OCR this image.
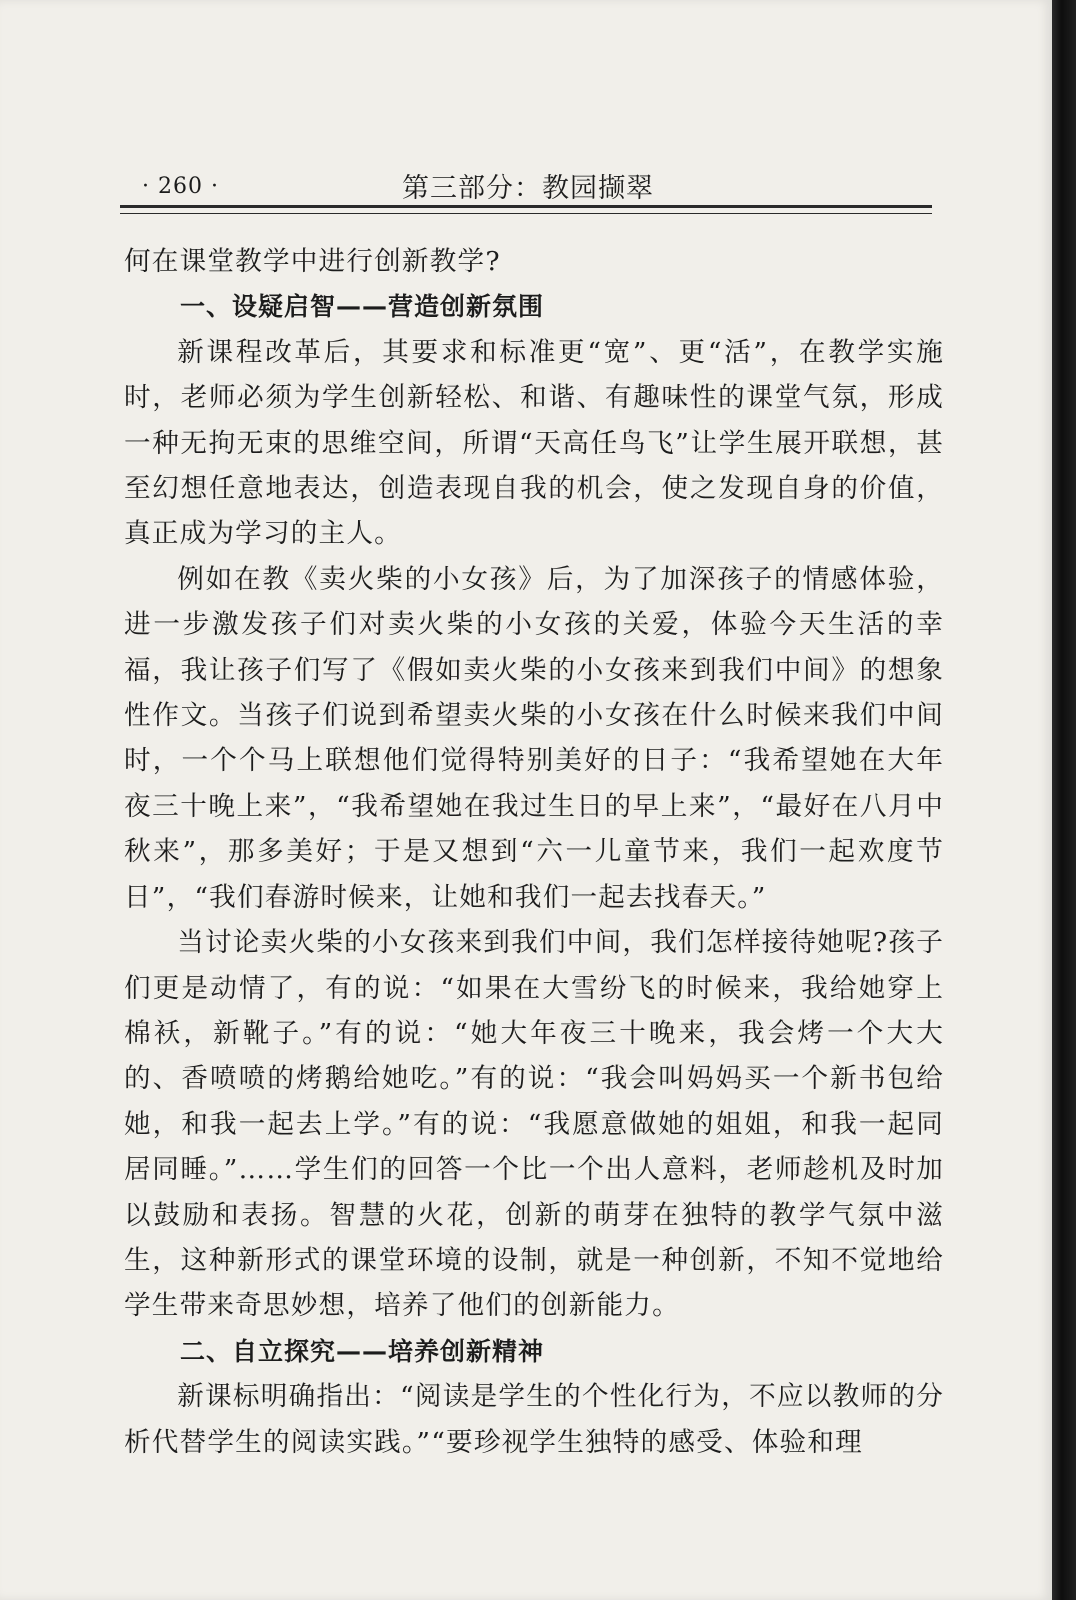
· 260 ·	第三部分：教园撷翠

何在课堂教学中进行创新教学?

一、设疑启智——营造创新氛围

新课程改革后，其要求和标准更“宽”、更“活”，在教学实施时，老师必须为学生创新轻松、和谐、有趣味性的课堂气氛，形成一种无拘无束的思维空间，所谓“天高任鸟飞”让学生展开联想，甚至幻想任意地表达，创造表现自我的机会，使之发现自身的价值，真正成为学习的主人。

例如在教《卖火柴的小女孩》后，为了加深孩子的情感体验，进一步激发孩子们对卖火柴的小女孩的关爱，体验今天生活的幸福，我让孩子们写了《假如卖火柴的小女孩来到我们中间》的想象性作文。当孩子们说到希望卖火柴的小女孩在什么时候来我们中间时，一个个马上联想他们觉得特别美好的日子：“我希望她在大年夜三十晚上来”，“我希望她在我过生日的早上来”，“最好在八月中秋来”，那多美好；于是又想到“六一儿童节来，我们一起欢度节日”，“我们春游时候来，让她和我们一起去找春天。”

当讨论卖火柴的小女孩来到我们中间，我们怎样接待她呢?孩子们更是动情了，有的说：“如果在大雪纷飞的时候来，我给她穿上棉袄，新靴子。”有的说：“她大年夜三十晚来，我会烤一个大大的、香喷喷的烤鹅给她吃。”有的说：“我会叫妈妈买一个新书包给她，和我一起去上学。”有的说：“我愿意做她的姐姐，和我一起同居同睡。”……学生们的回答一个比一个出人意料，老师趁机及时加以鼓励和表扬。智慧的火花，创新的萌芽在独特的教学气氛中滋生，这种新形式的课堂环境的设制，就是一种创新，不知不觉地给学生带来奇思妙想，培养了他们的创新能力。

二、自立探究——培养创新精神

新课标明确指出：“阅读是学生的个性化行为，不应以教师的分析代替学生的阅读实践。”“要珍视学生独特的感受、体验和理
